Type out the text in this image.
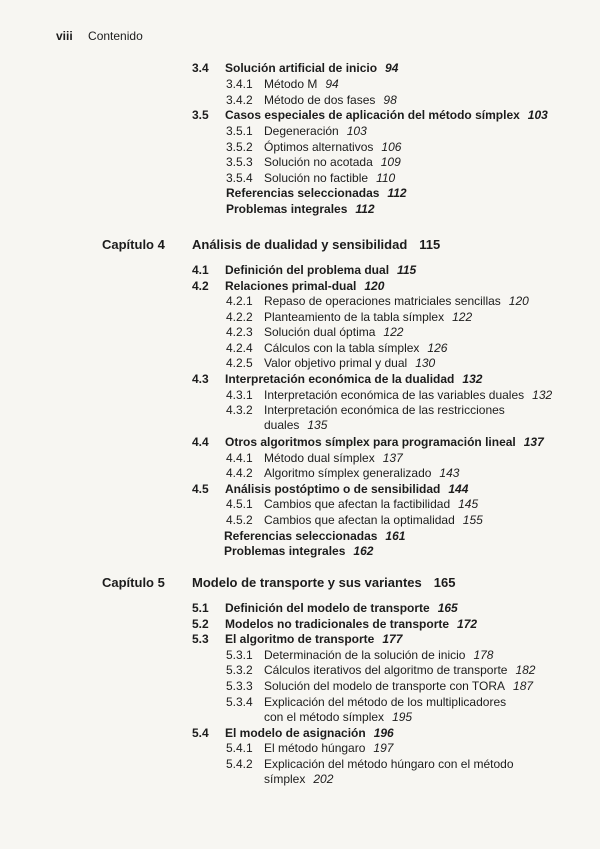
viii Contenido
3.4 Solución artificial de inicio 94
3.4.1 Método M 94
3.4.2 Método de dos fases 98
3.5 Casos especiales de aplicación del método símplex 103
3.5.1 Degeneración 103
3.5.2 Óptimos alternativos 106
3.5.3 Solución no acotada 109
3.5.4 Solución no factible 110
Referencias seleccionadas 112
Problemas integrales 112
Capítulo 4 Análisis de dualidad y sensibilidad 115
4.1 Definición del problema dual 115
4.2 Relaciones primal-dual 120
4.2.1 Repaso de operaciones matriciales sencillas 120
4.2.2 Planteamiento de la tabla símplex 122
4.2.3 Solución dual óptima 122
4.2.4 Cálculos con la tabla símplex 126
4.2.5 Valor objetivo primal y dual 130
4.3 Interpretación económica de la dualidad 132
4.3.1 Interpretación económica de las variables duales 132
4.3.2 Interpretación económica de las restricciones
duales 135
4.4 Otros algoritmos símplex para programación lineal 137
4.4.1 Método dual símplex 137
4.4.2 Algoritmo símplex generalizado 143
4.5 Análisis postóptimo o de sensibilidad 144
4.5.1 Cambios que afectan la factibilidad 145
4.5.2 Cambios que afectan la optimalidad 155
Referencias seleccionadas 161
Problemas integrales 162
Capítulo 5 Modelo de transporte y sus variantes 165
5.1 Definición del modelo de transporte 165
5.2 Modelos no tradicionales de transporte 172
5.3 El algoritmo de transporte 177
5.3.1 Determinación de la solución de inicio 178
5.3.2 Cálculos iterativos del algoritmo de transporte 182
5.3.3 Solución del modelo de transporte con TORA 187
5.3.4 Explicación del método de los multiplicadores
con el método símplex 195
5.4 El modelo de asignación 196
5.4.1 El método húngaro 197
5.4.2 Explicación del método húngaro con el método
símplex 202
